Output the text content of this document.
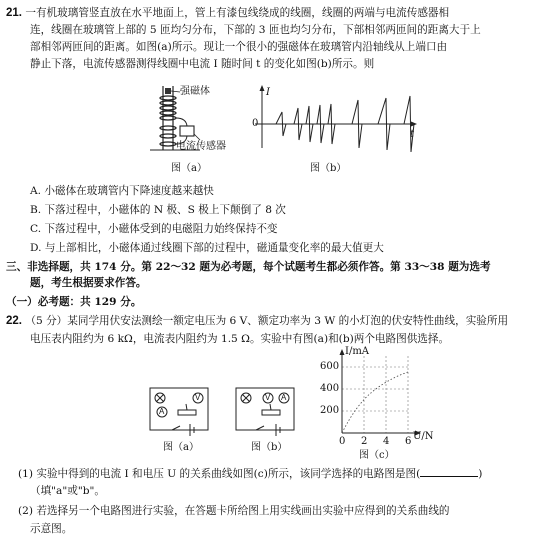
21. 一有机玻璃管竖直放在水平地面上，管上有漆包线绕成的线圈，线圈的两端与电流传感器相
连，线圈在玻璃管上部的 5 匝均匀分布，下部的 3 匝也均匀分布，下部相邻两匝间的距离大于上
部相邻两匝间的距离。如图(a)所示。现让一个很小的强磁体在玻璃管内沿轴线从上端口由
静止下落，电流传感器测得线圈中电流 I 随时间 t 的变化如图(b)所示。则
强磁体
电流传感器
图（a）
I
t
0
图（b）
A. 小磁体在玻璃管内下降速度越来越快
B. 下落过程中，小磁体的 N 极、S 极上下颠倒了 8 次
C. 下落过程中，小磁体受到的电磁阻力始终保持不变
D. 与上部相比，小磁体通过线圈下部的过程中，磁通量变化率的最大值更大
三、非选择题，共 174 分。第 22～32 题为必考题，每个试题考生都必须作答。第 33～38 题为选考
题，考生根据要求作答。
（一）必考题：共 129 分。
22. （5 分）某同学用伏安法测绘一额定电压为 6 V、额定功率为 3 W 的小灯泡的伏安特性曲线，实验所用
电压表内阻约为 6 kΩ，电流表内阻约为 1.5 Ω。实验中有图(a)和(b)两个电路图供选择。
V
A
图（a）
V A
图（b）
I/mA
600
400
200
0 2 4 6 U/N
图（c）
(1) 实验中得到的电流 I 和电压 U 的关系曲线如图(c)所示，该同学选择的电路图是图(	)
（填"a"或"b"。
(2) 若选择另一个电路图进行实验，在答题卡所给图上用实线画出实验中应得到的关系曲线的
示意图。
